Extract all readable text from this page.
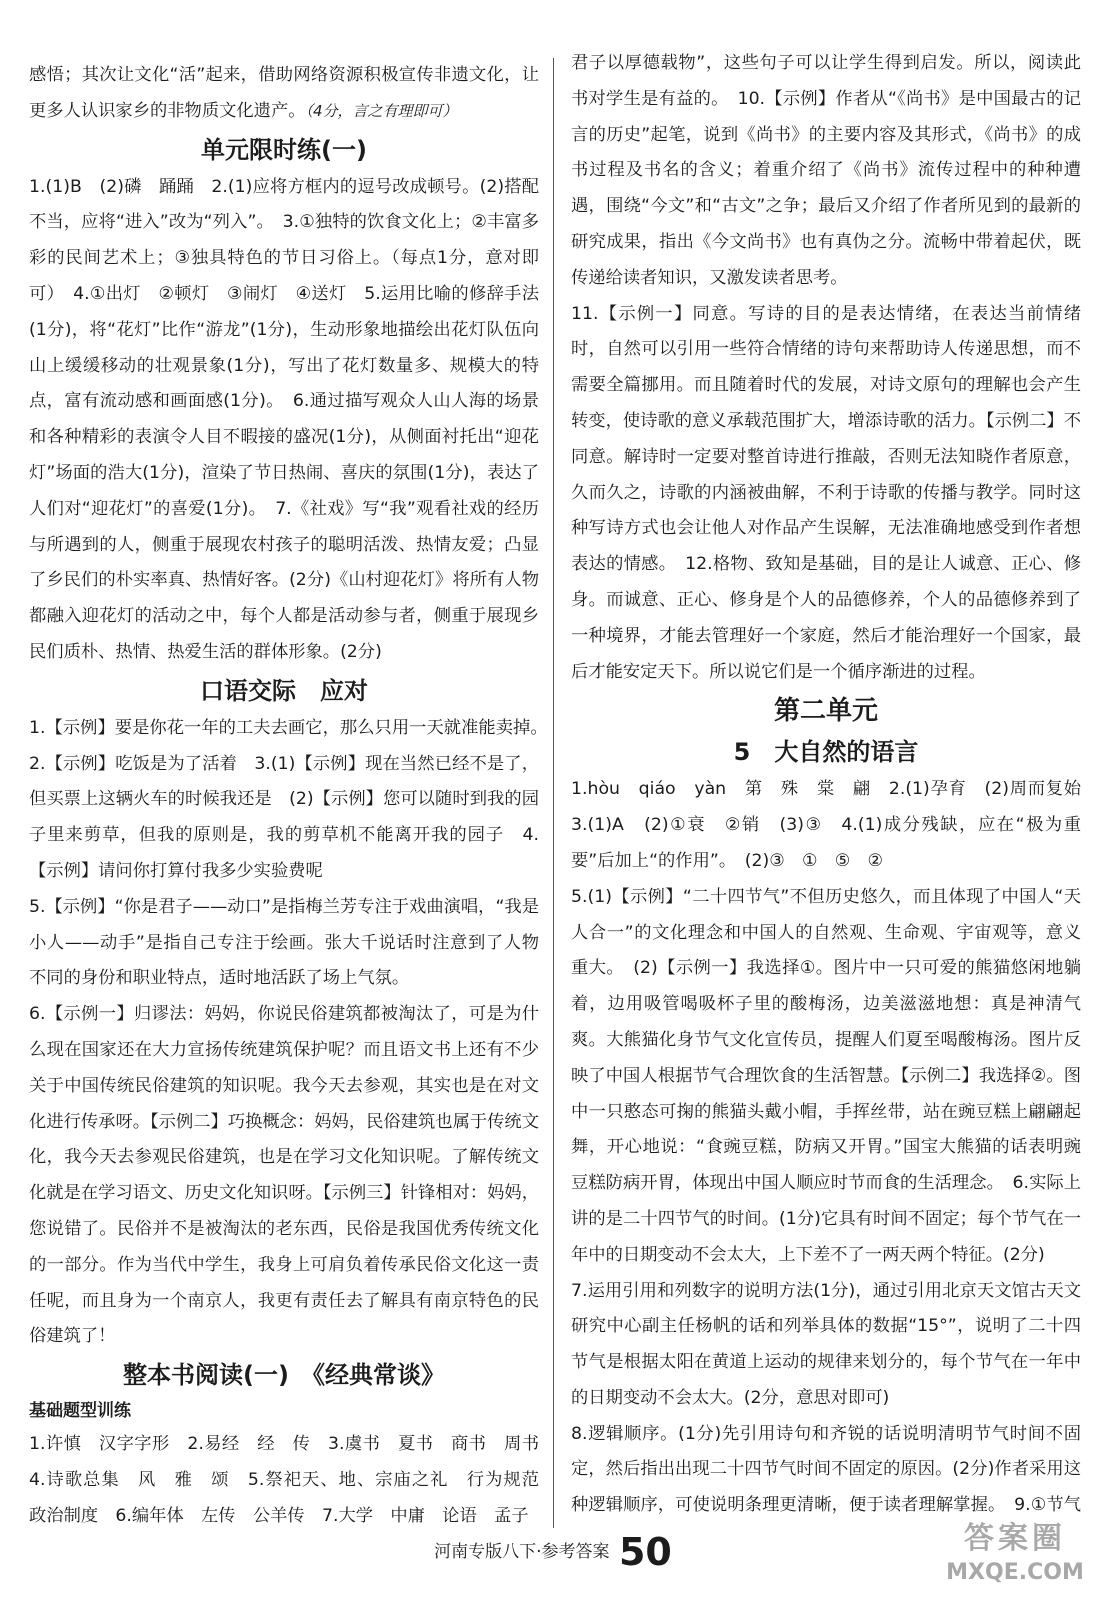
感悟；其次让文化“活”起来，借助网络资源积极宣传非遗文化，让更多人认识家乡的非物质文化遗产。（4分，言之有理即可）

单元限时练(一)

1.(1)B　(2)磷　踊踊　2.(1)应将方框内的逗号改成顿号。(2)搭配不当，应将“进入”改为“列入”。　3.①独特的饮食文化上；②丰富多彩的民间艺术上；③独具特色的节日习俗上。（每点1分，意对即可）　4.①出灯　②顿灯　③闹灯　④送灯　5.运用比喻的修辞手法(1分)，将“花灯”比作“游龙”(1分)，生动形象地描绘出花灯队伍向山上缓缓移动的壮观景象(1分)，写出了花灯数量多、规模大的特点，富有流动感和画面感(1分)。　6.通过描写观众人山人海的场景和各种精彩的表演令人目不暇接的盛况(1分)，从侧面衬托出“迎花灯”场面的浩大(1分)，渲染了节日热闹、喜庆的氛围(1分)，表达了人们对“迎花灯”的喜爱(1分)。　7.《社戏》写“我”观看社戏的经历与所遇到的人，侧重于展现农村孩子的聪明活泼、热情友爱；凸显了乡民们的朴实率真、热情好客。(2分)《山村迎花灯》将所有人物都融入迎花灯的活动之中，每个人都是活动参与者，侧重于展现乡民们质朴、热情、热爱生活的群体形象。(2分)

口语交际　应对

1.【示例】要是你花一年的工夫去画它，那么只用一天就准能卖掉。　2.【示例】吃饭是为了活着　3.(1)【示例】现在当然已经不是了，但买票上这辆火车的时候我还是　(2)【示例】您可以随时到我的园子里来剪草，但我的原则是，我的剪草机不能离开我的园子　4.【示例】请问你打算付我多少实验费呢

5.【示例】“你是君子——动口”是指梅兰芳专注于戏曲演唱，“我是小人——动手”是指自己专注于绘画。张大千说话时注意到了人物不同的身份和职业特点，适时地活跃了场上气氛。

6.【示例一】归谬法：妈妈，你说民俗建筑都被淘汰了，可是为什么现在国家还在大力宣扬传统建筑保护呢？而且语文书上还有不少关于中国传统民俗建筑的知识呢。我今天去参观，其实也是在对文化进行传承呀。【示例二】巧换概念：妈妈，民俗建筑也属于传统文化，我今天去参观民俗建筑，也是在学习文化知识呢。了解传统文化就是在学习语文、历史文化知识呀。【示例三】针锋相对：妈妈，您说错了。民俗并不是被淘汰的老东西，民俗是我国优秀传统文化的一部分。作为当代中学生，我身上可肩负着传承民俗文化这一责任呢，而且身为一个南京人，我更有责任去了解具有南京特色的民俗建筑了！

整本书阅读(一)　《经典常谈》
基础题型训练

1.许慎　汉字字形　2.易经　经　传　3.虞书　夏书　商书　周书　4.诗歌总集　风　雅　颂　5.祭祀天、地、宗庙之礼　行为规范　政治制度　6.编年体　左传　公羊传　7.大学　中庸　论语　孟子

君子以厚德载物”，这些句子可以让学生得到启发。所以，阅读此书对学生是有益的。　10.【示例】作者从“《尚书》是中国最古的记言的历史”起笔，说到《尚书》的主要内容及其形式，《尚书》的成书过程及书名的含义；着重介绍了《尚书》流传过程中的种种遭遇，围绕“今文”和“古文”之争；最后又介绍了作者所见到的最新的研究成果，指出《今文尚书》也有真伪之分。流畅中带着起伏，既传递给读者知识，又激发读者思考。

11.【示例一】同意。写诗的目的是表达情绪，在表达当前情绪时，自然可以引用一些符合情绪的诗句来帮助诗人传递思想，而不需要全篇挪用。而且随着时代的发展，对诗文原句的理解也会产生转变，使诗歌的意义承载范围扩大，增添诗歌的活力。【示例二】不同意。解诗时一定要对整首诗进行推敲，否则无法知晓作者原意，久而久之，诗歌的内涵被曲解，不利于诗歌的传播与教学。同时这种写诗方式也会让他人对作品产生误解，无法准确地感受到作者想表达的情感。　12.格物、致知是基础，目的是让人诚意、正心、修身。而诚意、正心、修身是个人的品德修养，个人的品德修养到了一种境界，才能去管理好一个家庭，然后才能治理好一个国家，最后才能安定天下。所以说它们是一个循序渐进的过程。

第二单元
5　大自然的语言

1.hòu　qiáo　yàn　第　殊　棠　翩　2.(1)孕育　(2)周而复始　3.(1)A　(2)①衰　②销　(3)③　4.(1)成分残缺，应在“极为重要”后加上“的作用”。　(2)③　①　⑤　②

5.(1)【示例】“二十四节气”不但历史悠久，而且体现了中国人“天人合一”的文化理念和中国人的自然观、生命观、宇宙观等，意义重大。　(2)【示例一】我选择①。图片中一只可爱的熊猫悠闲地躺着，边用吸管喝吸杯子里的酸梅汤，边美滋滋地想：真是神清气爽。大熊猫化身节气文化宣传员，提醒人们夏至喝酸梅汤。图片反映了中国人根据节气合理饮食的生活智慧。【示例二】我选择②。图中一只憨态可掬的熊猫头戴小帽，手挥丝带，站在豌豆糕上翩翩起舞，开心地说：“食豌豆糕，防病又开胃。”国宝大熊猫的话表明豌豆糕防病开胃，体现出中国人顺应时节而食的生活理念。　6.实际上讲的是二十四节气的时间。(1分)它具有时间不固定；每个节气在一年中的日期变动不会太大，上下差不了一两天两个特征。(2分)

7.运用引用和列数字的说明方法(1分)，通过引用北京天文馆古天文研究中心副主任杨帆的话和列举具体的数据“15°”，说明了二十四节气是根据太阳在黄道上运动的规律来划分的，每个节气在一年中的日期变动不会太大。(2分，意思对即可)

8.逻辑顺序。(1分)先引用诗句和齐锐的话说明清明节气时间不固定，然后指出出现二十四节气时间不固定的原因。(2分)作者采用这种逻辑顺序，可使说明条理更清晰，便于读者理解掌握。　9.①节气

河南专版八下·参考答案 50	答案圈
MXQE.COM
